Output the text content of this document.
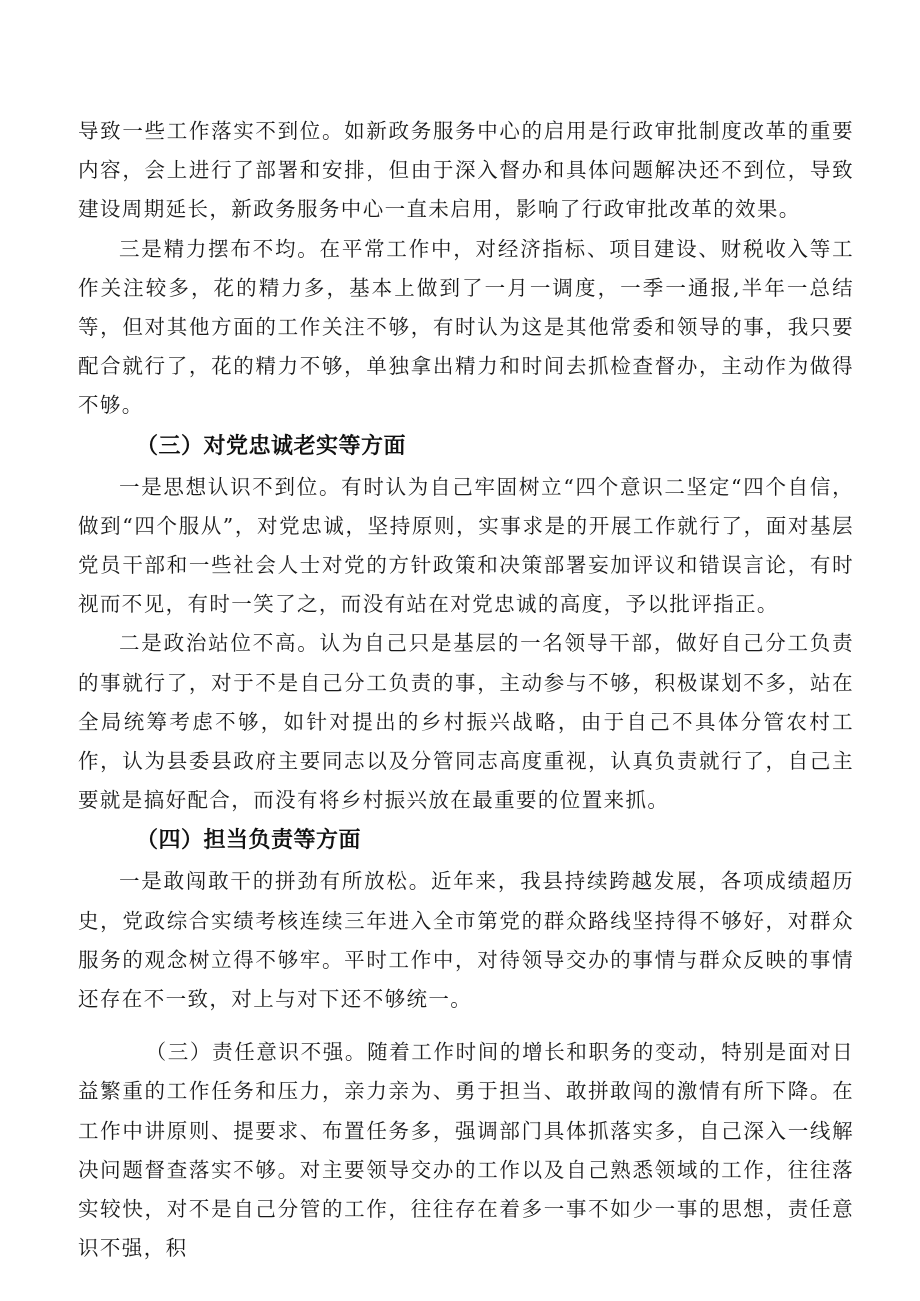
导致一些工作落实不到位。如新政务服务中心的启用是行政审批制度改革的重要内容，会上进行了部署和安排，但由于深入督办和具体问题解决还不到位，导致建设周期延长，新政务服务中心一直未启用，影响了行政审批改革的效果。

三是精力摆布不均。在平常工作中，对经济指标、项目建设、财税收入等工作关注较多，花的精力多，基本上做到了一月一调度，一季一通报,半年一总结等，但对其他方面的工作关注不够，有时认为这是其他常委和领导的事，我只要配合就行了，花的精力不够，单独拿出精力和时间去抓检查督办，主动作为做得不够。

（三）对党忠诚老实等方面

一是思想认识不到位。有时认为自己牢固树立“四个意识二坚定“四个自信，做到“四个服从”，对党忠诚，坚持原则，实事求是的开展工作就行了，面对基层党员干部和一些社会人士对党的方针政策和决策部署妄加评议和错误言论，有时视而不见，有时一笑了之，而没有站在对党忠诚的高度，予以批评指正。

二是政治站位不高。认为自己只是基层的一名领导干部，做好自己分工负责的事就行了，对于不是自己分工负责的事，主动参与不够，积极谋划不多，站在全局统筹考虑不够，如针对提出的乡村振兴战略，由于自己不具体分管农村工作，认为县委县政府主要同志以及分管同志高度重视，认真负责就行了，自己主要就是搞好配合，而没有将乡村振兴放在最重要的位置来抓。

（四）担当负责等方面

一是敢闯敢干的拼劲有所放松。近年来，我县持续跨越发展，各项成绩超历史，党政综合实绩考核连续三年进入全市第党的群众路线坚持得不够好，对群众服务的观念树立得不够牢。平时工作中，对待领导交办的事情与群众反映的事情还存在不一致，对上与对下还不够统一。

（三）责任意识不强。随着工作时间的增长和职务的变动，特别是面对日益繁重的工作任务和压力，亲力亲为、勇于担当、敢拼敢闯的激情有所下降。在工作中讲原则、提要求、布置任务多，强调部门具体抓落实多，自己深入一线解决问题督查落实不够。对主要领导交办的工作以及自己熟悉领域的工作，往往落实较快，对不是自己分管的工作，往往存在着多一事不如少一事的思想，责任意识不强，积
